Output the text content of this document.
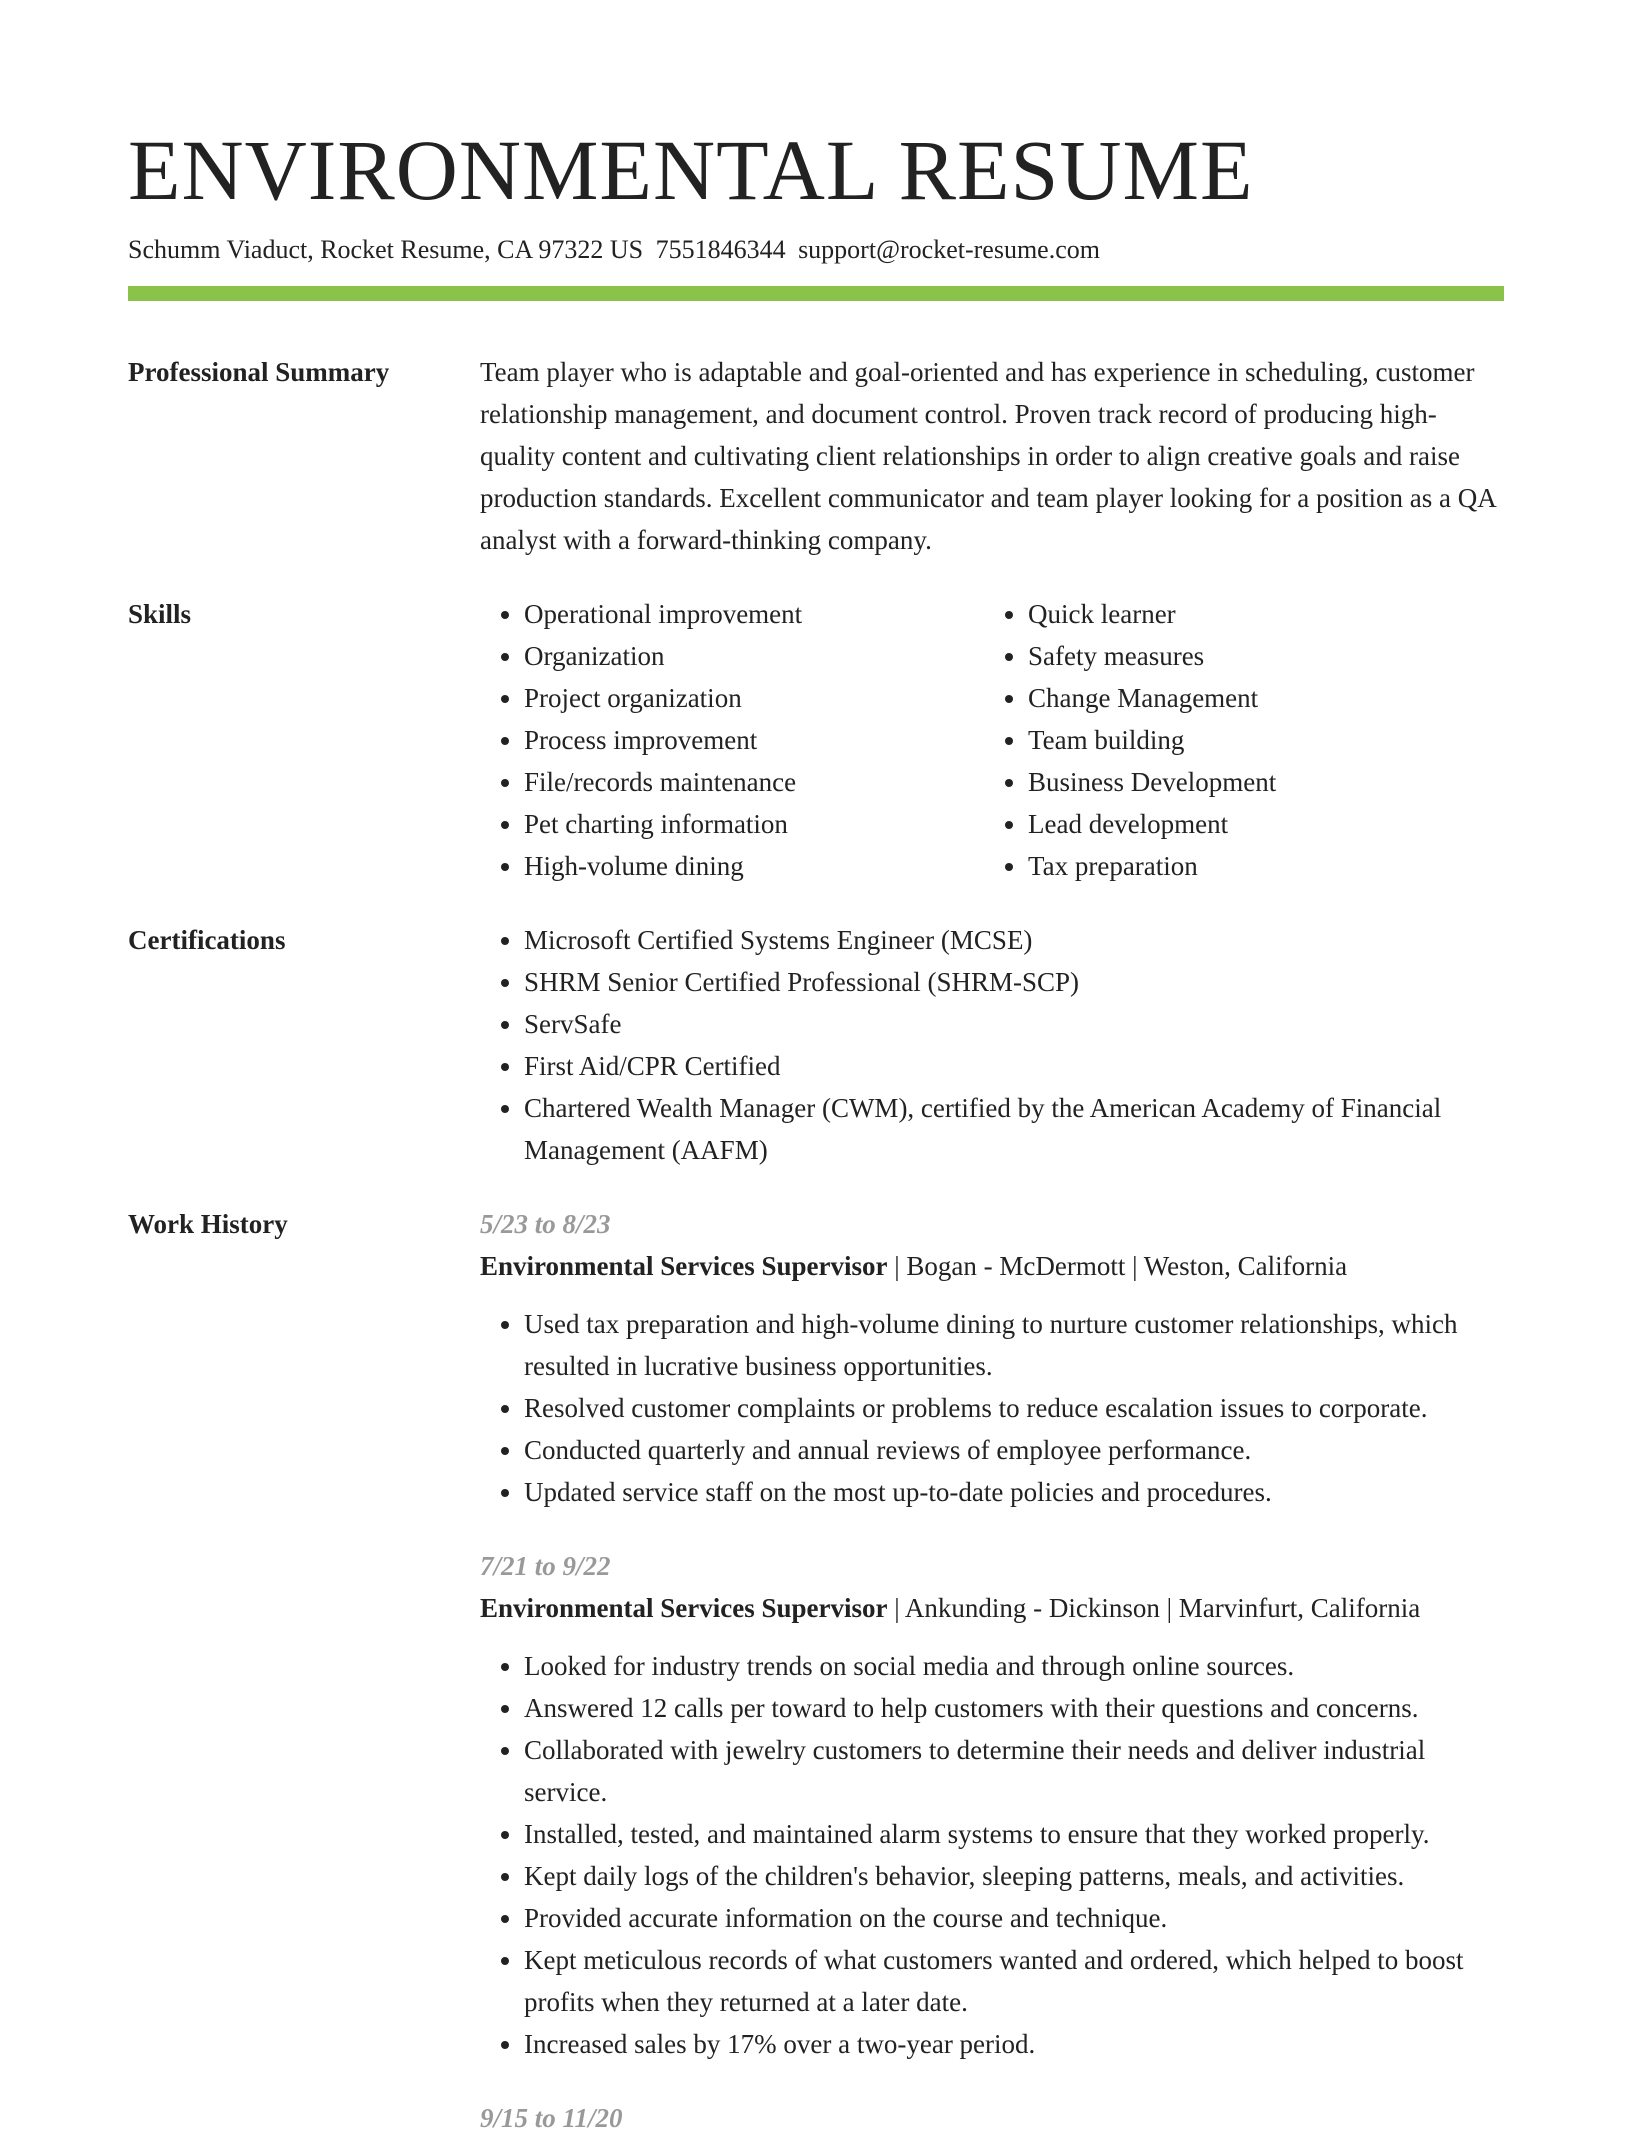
ENVIRONMENTAL RESUME
Schumm Viaduct, Rocket Resume, CA 97322 US 7551846344 support@rocket-resume.com
Professional Summary	Team player who is adaptable and goal-oriented and has experience in scheduling, customer relationship management, and document control. Proven track record of producing high-quality content and cultivating client relationships in order to align creative goals and raise production standards. Excellent communicator and team player looking for a position as a QA analyst with a forward-thinking company.

Skills	• Operational improvement
• Organization
• Project organization
• Process improvement
• File/records maintenance
• Pet charting information
• High-volume dining
• Quick learner
• Safety measures
• Change Management
• Team building
• Business Development
• Lead development
• Tax preparation
Certifications	• Microsoft Certified Systems Engineer (MCSE)
• SHRM Senior Certified Professional (SHRM-SCP)
• ServSafe
• First Aid/CPR Certified
• Chartered Wealth Manager (CWM), certified by the American Academy of Financial Management (AAFM)
Work History	5/23 to 8/23
Environmental Services Supervisor | Bogan - McDermott | Weston, California
• Used tax preparation and high-volume dining to nurture customer relationships, which resulted in lucrative business opportunities.
• Resolved customer complaints or problems to reduce escalation issues to corporate.
• Conducted quarterly and annual reviews of employee performance.
• Updated service staff on the most up-to-date policies and procedures.
7/21 to 9/22
Environmental Services Supervisor | Ankunding - Dickinson | Marvinfurt, California
• Looked for industry trends on social media and through online sources.
• Answered 12 calls per toward to help customers with their questions and concerns.
• Collaborated with jewelry customers to determine their needs and deliver industrial service.
• Installed, tested, and maintained alarm systems to ensure that they worked properly.
• Kept daily logs of the children's behavior, sleeping patterns, meals, and activities.
• Provided accurate information on the course and technique.
• Kept meticulous records of what customers wanted and ordered, which helped to boost profits when they returned at a later date.
• Increased sales by 17% over a two-year period.
9/15 to 11/20
